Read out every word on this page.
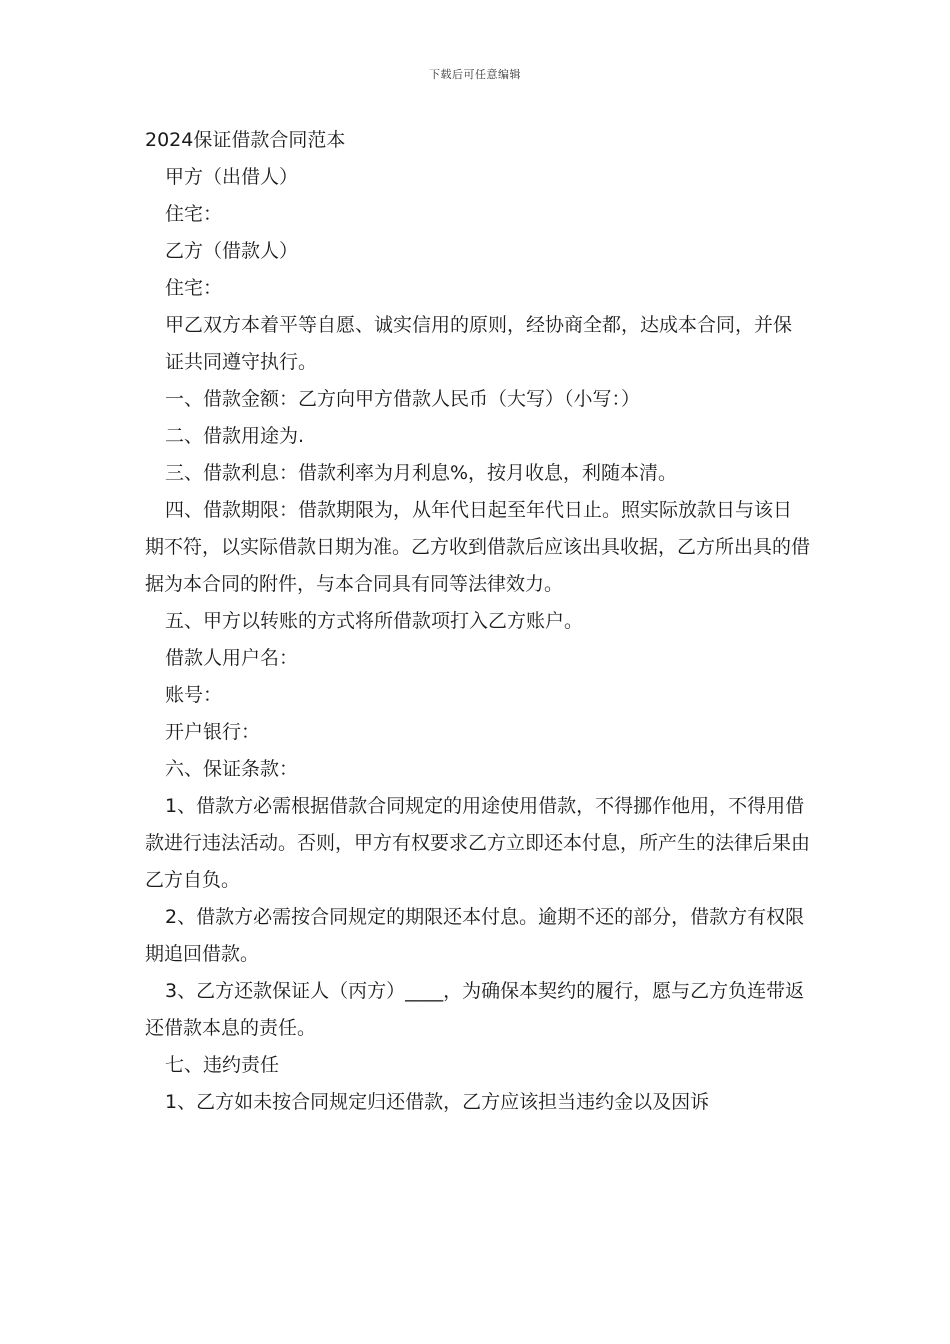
下载后可任意编辑

2024保证借款合同范本

甲方（出借人）

住宅：

乙方（借款人）

住宅：

甲乙双方本着平等自愿、诚实信用的原则，经协商全都，达成本合同，并保

证共同遵守执行。

一、借款金额：乙方向甲方借款人民币（大写）（小写：）

二、借款用途为.

三、借款利息：借款利率为月利息%，按月收息，利随本清。

四、借款期限：借款期限为，从年代日起至年代日止。照实际放款日与该日期不符，以实际借款日期为准。乙方收到借款后应该出具收据，乙方所出具的借据为本合同的附件，与本合同具有同等法律效力。

五、甲方以转账的方式将所借款项打入乙方账户。

借款人用户名：

账号：

开户银行：

六、保证条款：

1、借款方必需根据借款合同规定的用途使用借款，不得挪作他用，不得用借款进行违法活动。否则，甲方有权要求乙方立即还本付息，所产生的法律后果由乙方自负。

2、借款方必需按合同规定的期限还本付息。逾期不还的部分，借款方有权限期追回借款。

3、乙方还款保证人（丙方）____，为确保本契约的履行，愿与乙方负连带返还借款本息的责任。

七、违约责任

1、乙方如未按合同规定归还借款，乙方应该担当违约金以及因诉
